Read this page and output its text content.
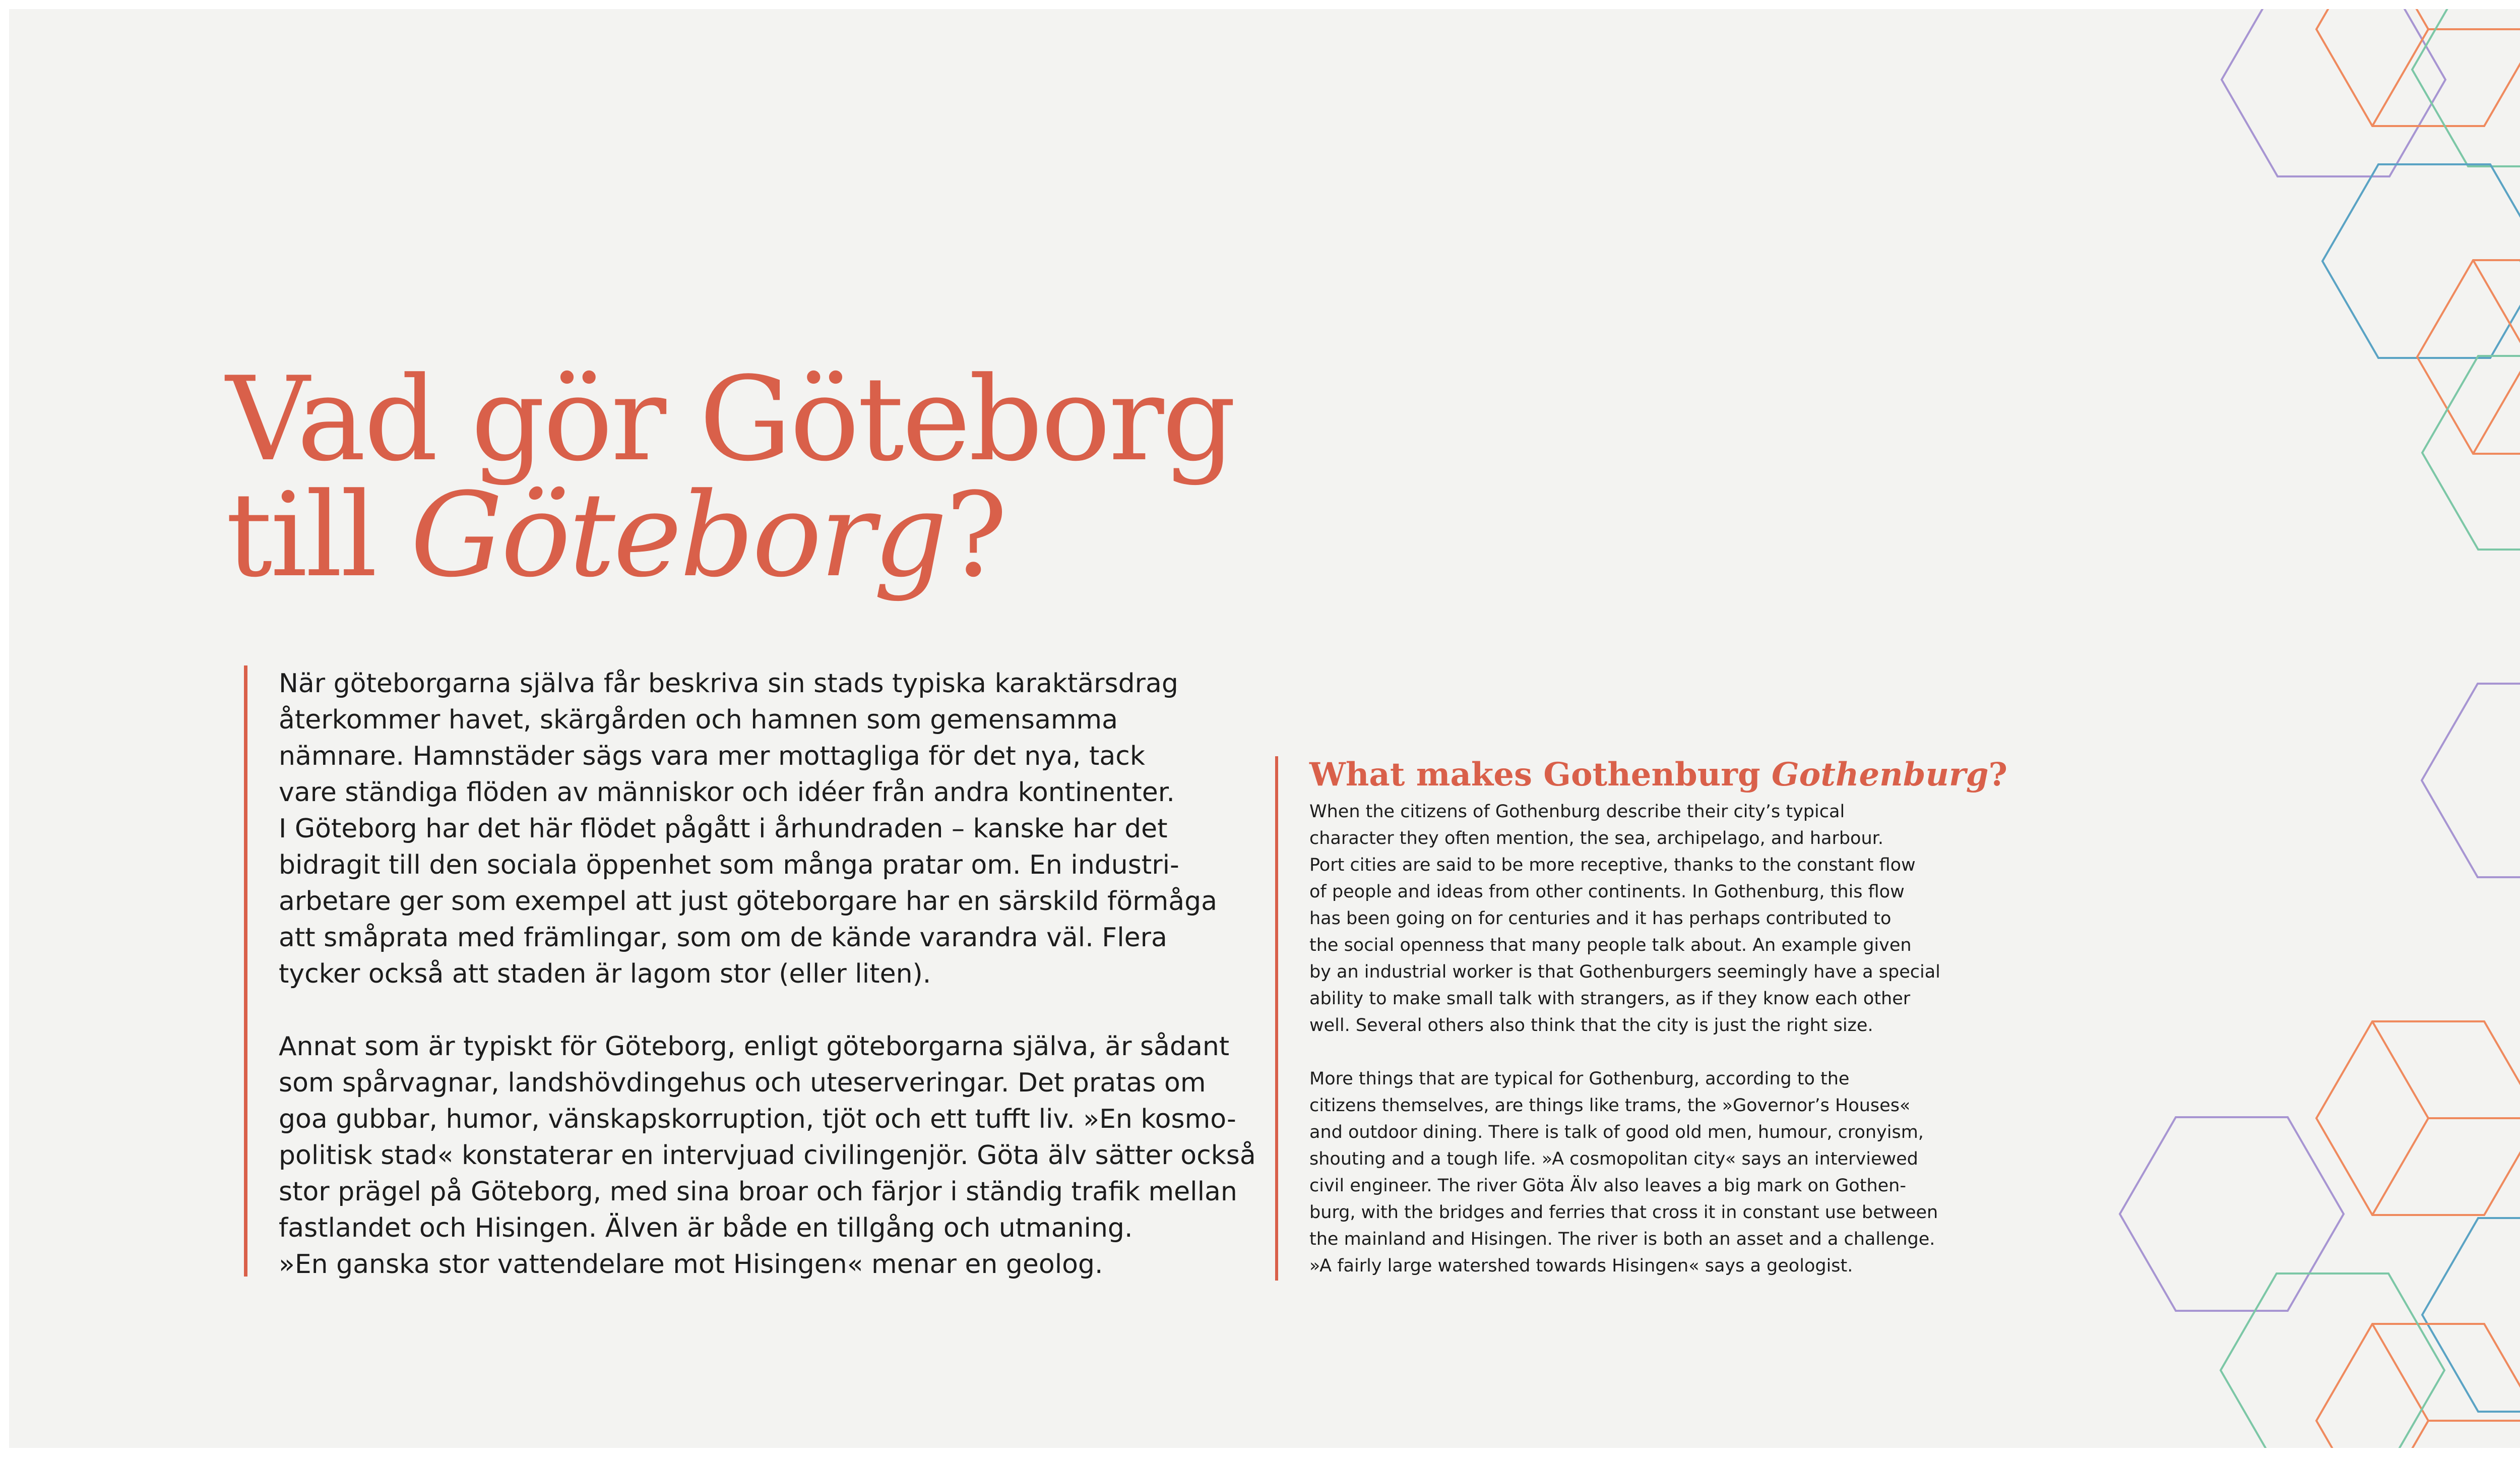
Vad gör Göteborg
till Göteborg?

När göteborgarna själva får beskriva sin stads typiska karaktärsdrag
återkommer havet, skärgården och hamnen som gemensamma
nämnare. Hamnstäder sägs vara mer mottagliga för det nya, tack
vare ständiga flöden av människor och idéer från andra kontinenter.
I Göteborg har det här flödet pågått i århundraden – kanske har det
bidragit till den sociala öppenhet som många pratar om. En industri-
arbetare ger som exempel att just göteborgare har en särskild förmåga
att småprata med främlingar, som om de kände varandra väl. Flera
tycker också att staden är lagom stor (eller liten).

Annat som är typiskt för Göteborg, enligt göteborgarna själva, är sådant
som spårvagnar, landshövdingehus och uteserveringar. Det pratas om
goa gubbar, humor, vänskapskorruption, tjöt och ett tufft liv. »En kosmo-
politisk stad« konstaterar en intervjuad civilingenjör. Göta älv sätter också
stor prägel på Göteborg, med sina broar och färjor i ständig trafik mellan
fastlandet och Hisingen. Älven är både en tillgång och utmaning.
»En ganska stor vattendelare mot Hisingen« menar en geolog.

What makes Gothenburg Gothenburg?

When the citizens of Gothenburg describe their city’s typical
character they often mention, the sea, archipelago, and harbour.
Port cities are said to be more receptive, thanks to the constant flow
of people and ideas from other continents. In Gothenburg, this flow
has been going on for centuries and it has perhaps contributed to
the social openness that many people talk about. An example given
by an industrial worker is that Gothenburgers seemingly have a special
ability to make small talk with strangers, as if they know each other
well. Several others also think that the city is just the right size.

More things that are typical for Gothenburg, according to the
citizens themselves, are things like trams, the »Governor’s Houses«
and outdoor dining. There is talk of good old men, humour, cronyism,
shouting and a tough life. »A cosmopolitan city« says an interviewed
civil engineer. The river Göta Älv also leaves a big mark on Gothen-
burg, with the bridges and ferries that cross it in constant use between
the mainland and Hisingen. The river is both an asset and a challenge.
»A fairly large watershed towards Hisingen« says a geologist.
